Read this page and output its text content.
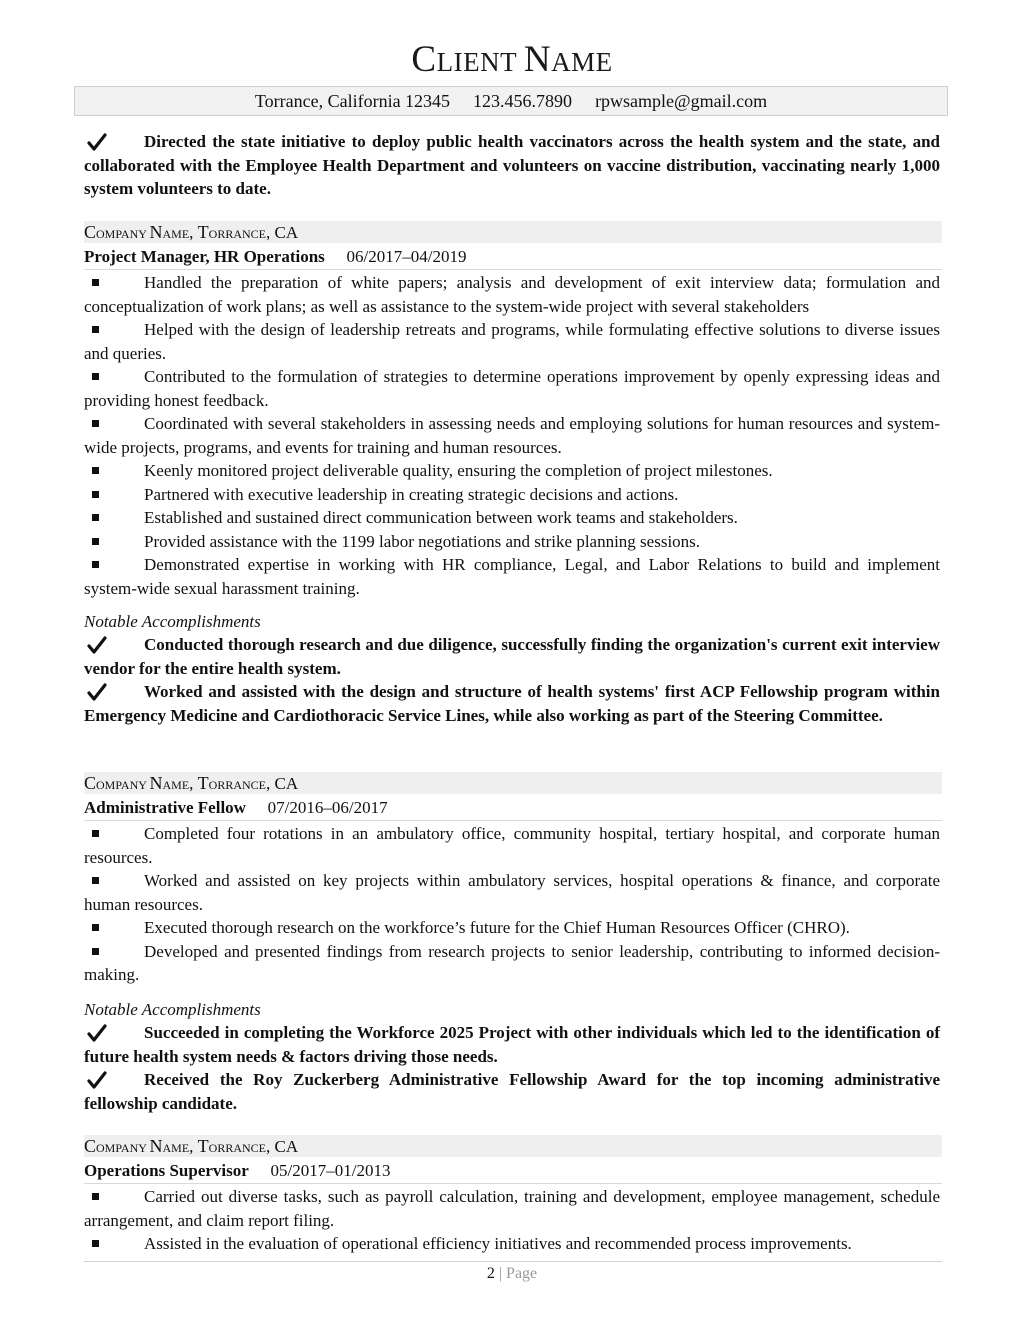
CLIENT NAME
Torrance, California 12345 123.456.7890 rpwsample@gmail.com

Directed the state initiative to deploy public health vaccinators across the health system and the state, and collaborated with the Employee Health Department and volunteers on vaccine distribution, vaccinating nearly 1,000 system volunteers to date.

COMPANY NAME, TORRANCE, CA
Project Manager, HR Operations 06/2017–04/2019

Handled the preparation of white papers; analysis and development of exit interview data; formulation and conceptualization of work plans; as well as assistance to the system-wide project with several stakeholders

Helped with the design of leadership retreats and programs, while formulating effective solutions to diverse issues and queries.

Contributed to the formulation of strategies to determine operations improvement by openly expressing ideas and providing honest feedback.

Coordinated with several stakeholders in assessing needs and employing solutions for human resources and system-wide projects, programs, and events for training and human resources.

Keenly monitored project deliverable quality, ensuring the completion of project milestones.

Partnered with executive leadership in creating strategic decisions and actions.

Established and sustained direct communication between work teams and stakeholders.

Provided assistance with the 1199 labor negotiations and strike planning sessions.

Demonstrated expertise in working with HR compliance, Legal, and Labor Relations to build and implement system-wide sexual harassment training.

Notable Accomplishments

Conducted thorough research and due diligence, successfully finding the organization's current exit interview vendor for the entire health system.

Worked and assisted with the design and structure of health systems' first ACP Fellowship program within Emergency Medicine and Cardiothoracic Service Lines, while also working as part of the Steering Committee.

COMPANY NAME, TORRANCE, CA
Administrative Fellow 07/2016–06/2017

Completed four rotations in an ambulatory office, community hospital, tertiary hospital, and corporate human resources.

Worked and assisted on key projects within ambulatory services, hospital operations & finance, and corporate human resources.

Executed thorough research on the workforce’s future for the Chief Human Resources Officer (CHRO).

Developed and presented findings from research projects to senior leadership, contributing to informed decision-making.

Notable Accomplishments

Succeeded in completing the Workforce 2025 Project with other individuals which led to the identification of future health system needs & factors driving those needs.

Received the Roy Zuckerberg Administrative Fellowship Award for the top incoming administrative fellowship candidate.

COMPANY NAME, TORRANCE, CA
Operations Supervisor 05/2017–01/2013

Carried out diverse tasks, such as payroll calculation, training and development, employee management, schedule arrangement, and claim report filing.

Assisted in the evaluation of operational efficiency initiatives and recommended process improvements.

2 | Page
